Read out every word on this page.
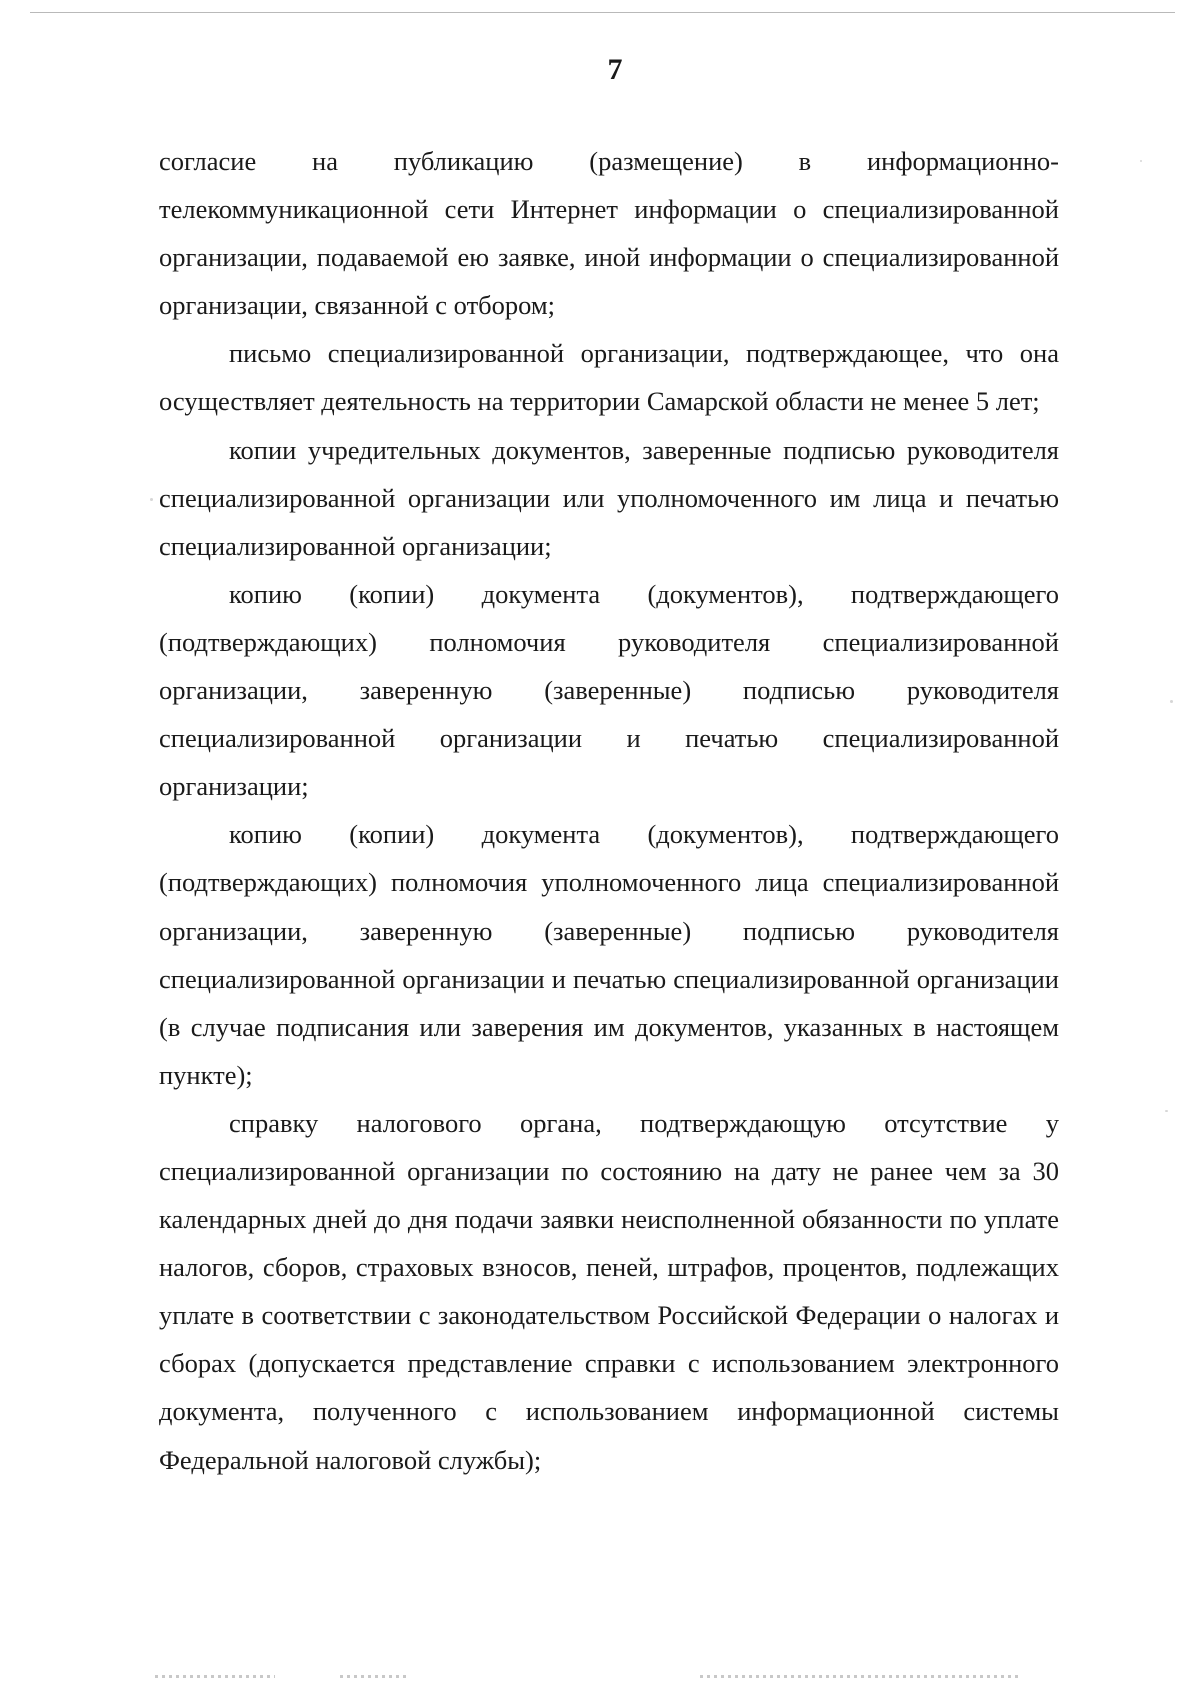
7

согласие на публикацию (размещение) в информационно-телекоммуникационной сети Интернет информации о специализированной организации, подаваемой ею заявке, иной информации о специализированной организации, связанной с отбором;

письмо специализированной организации, подтверждающее, что она осуществляет деятельность на территории Самарской области не менее 5 лет;

копии учредительных документов, заверенные подписью руководителя специализированной организации или уполномоченного им лица и печатью специализированной организации;

копию (копии) документа (документов), подтверждающего (подтверждающих) полномочия руководителя специализированной организации, заверенную (заверенные) подписью руководителя специализированной организации и печатью специализированной организации;

копию (копии) документа (документов), подтверждающего (подтверждающих) полномочия уполномоченного лица специализированной организации, заверенную (заверенные) подписью руководителя специализированной организации и печатью специализированной организации (в случае подписания или заверения им документов, указанных в настоящем пункте);

справку налогового органа, подтверждающую отсутствие у специализированной организации по состоянию на дату не ранее чем за 30 календарных дней до дня подачи заявки неисполненной обязанности по уплате налогов, сборов, страховых взносов, пеней, штрафов, процентов, подлежащих уплате в соответствии с законодательством Российской Федерации о налогах и сборах (допускается представление справки с использованием электронного документа, полученного с использованием информационной системы Федеральной налоговой службы);
